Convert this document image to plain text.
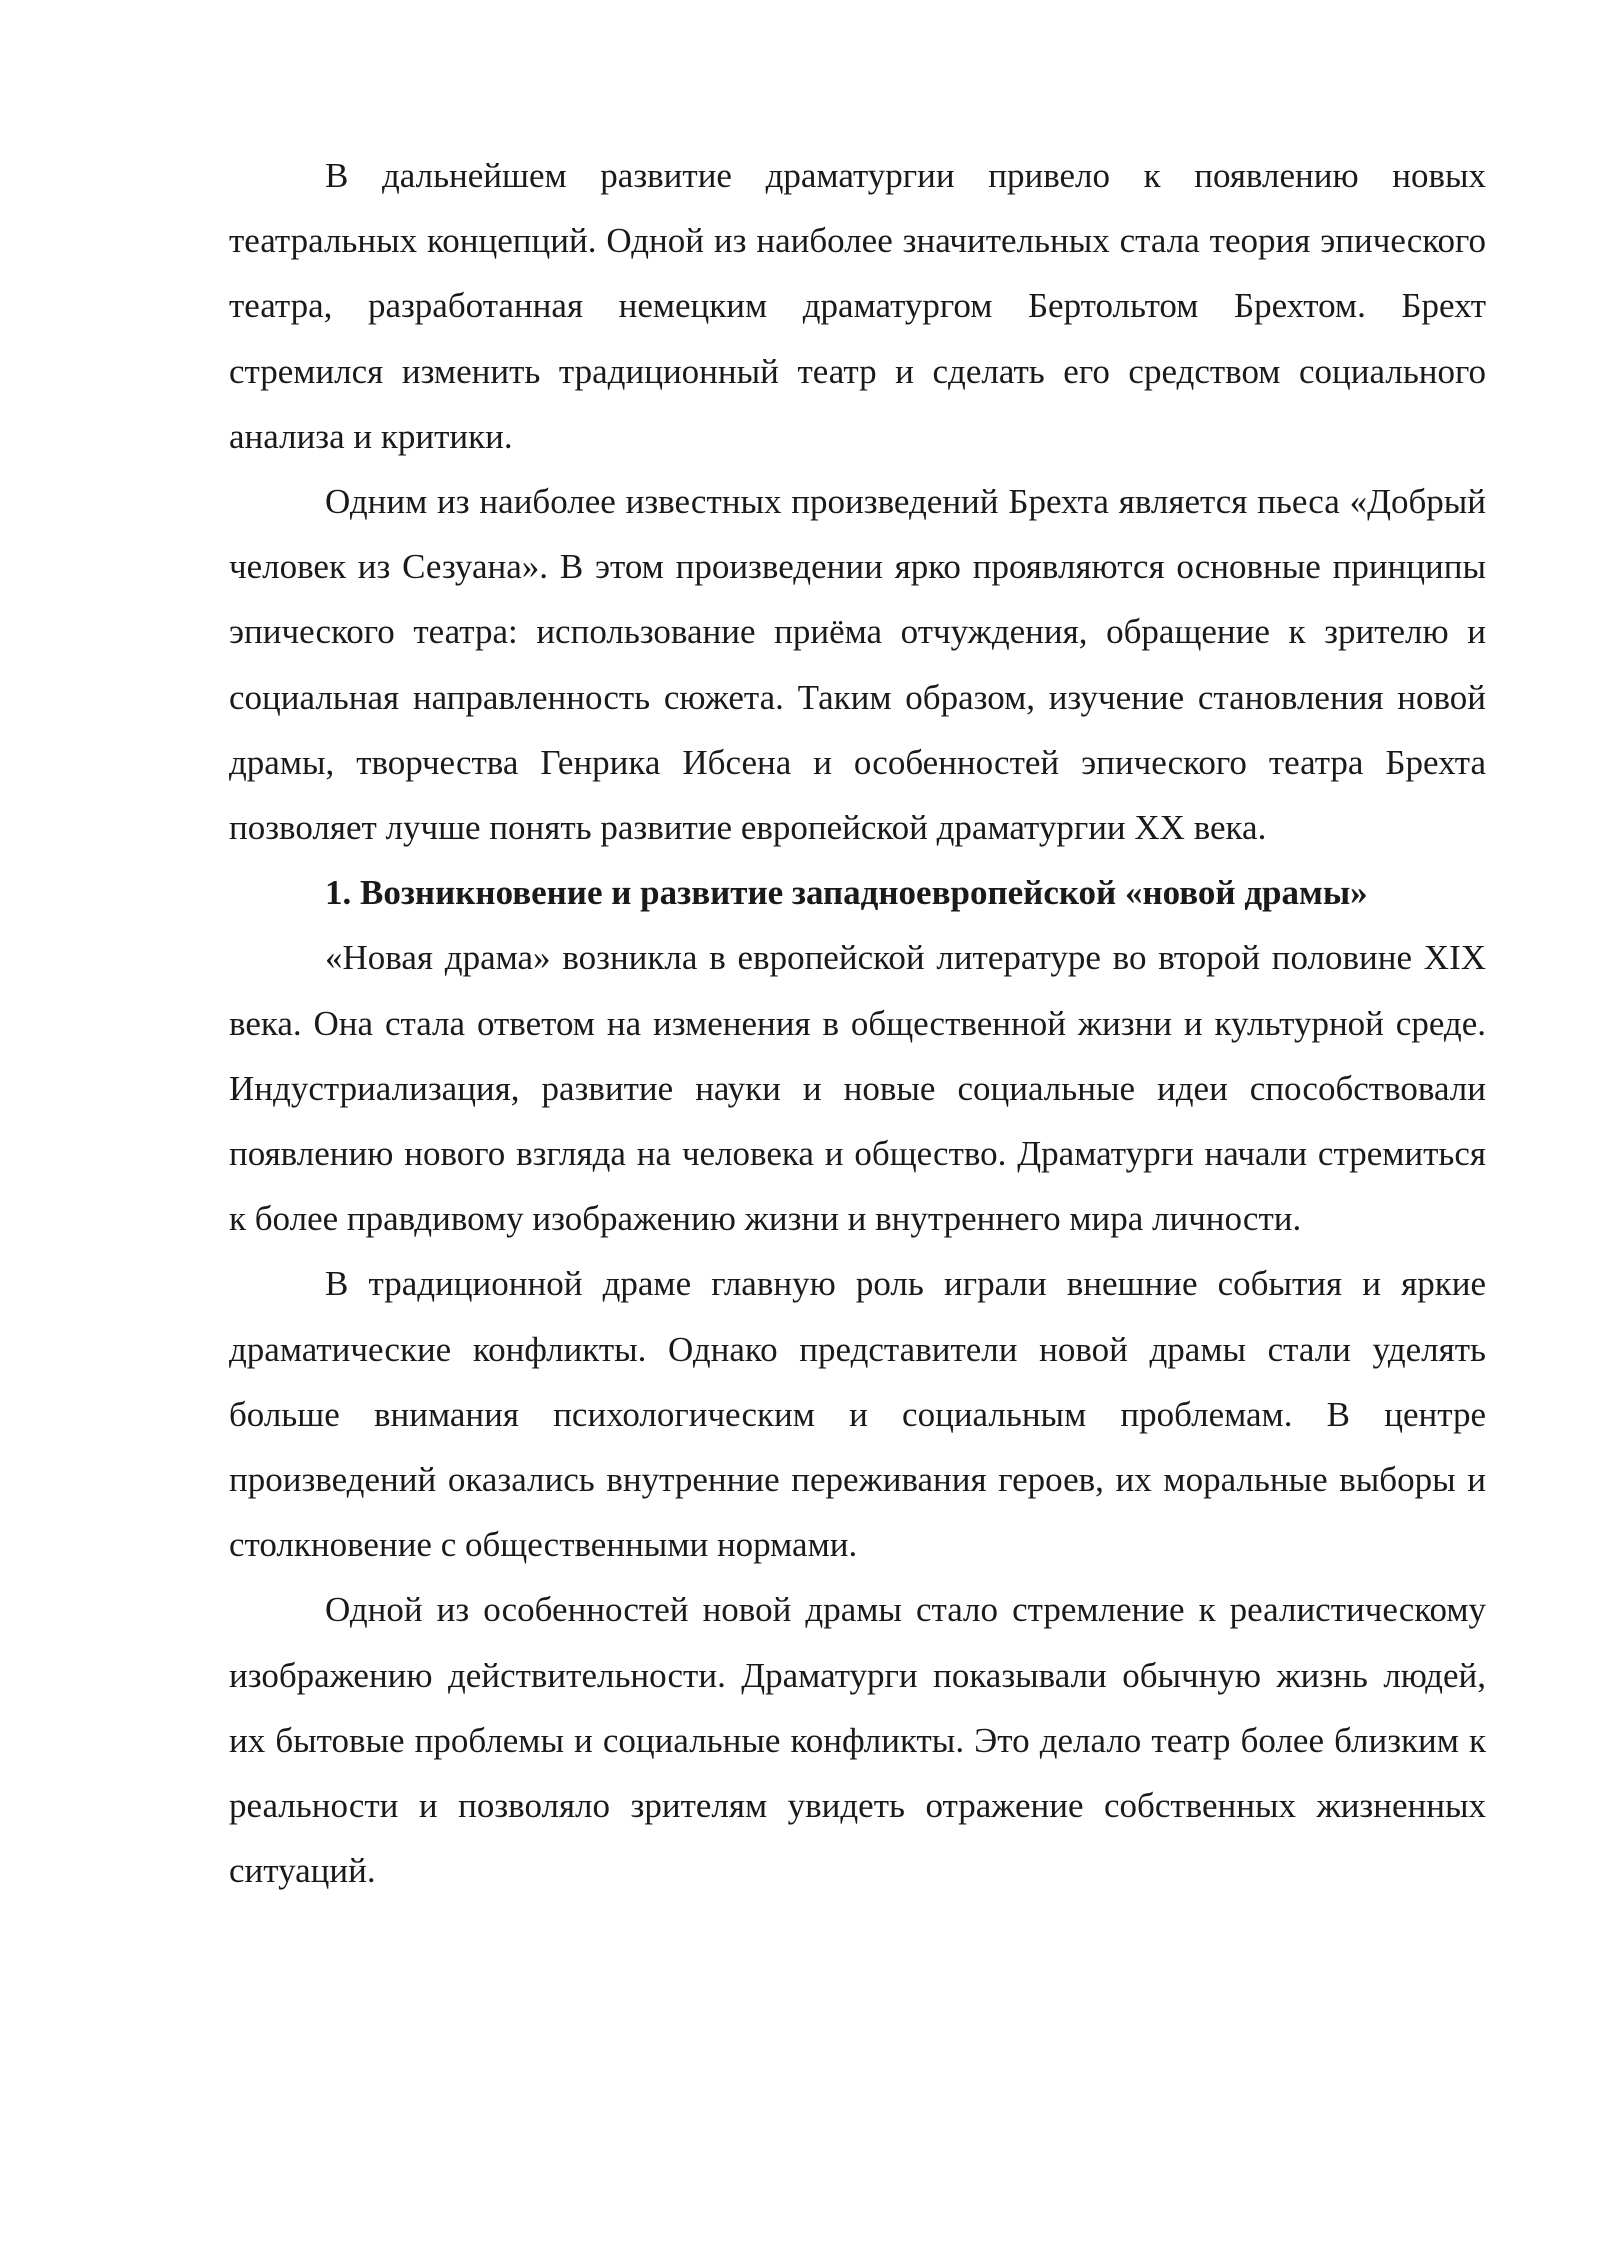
В дальнейшем развитие драматургии привело к появлению новых театральных концепций. Одной из наиболее значительных стала теория эпического театра, разработанная немецким драматургом Бертольтом Брехтом. Брехт стремился изменить традиционный театр и сделать его средством социального анализа и критики.

Одним из наиболее известных произведений Брехта является пьеса «Добрый человек из Сезуана». В этом произведении ярко проявляются основные принципы эпического театра: использование приёма отчуждения, обращение к зрителю и социальная направленность сюжета. Таким образом, изучение становления новой драмы, творчества Генрика Ибсена и особенностей эпического театра Брехта позволяет лучше понять развитие европейской драматургии XX века.

1. Возникновение и развитие западноевропейской «новой драмы»

«Новая драма» возникла в европейской литературе во второй половине XIX века. Она стала ответом на изменения в общественной жизни и культурной среде. Индустриализация, развитие науки и новые социальные идеи способствовали появлению нового взгляда на человека и общество. Драматурги начали стремиться к более правдивому изображению жизни и внутреннего мира личности.

В традиционной драме главную роль играли внешние события и яркие драматические конфликты. Однако представители новой драмы стали уделять больше внимания психологическим и социальным проблемам. В центре произведений оказались внутренние переживания героев, их моральные выборы и столкновение с общественными нормами.

Одной из особенностей новой драмы стало стремление к реалистическому изображению действительности. Драматурги показывали обычную жизнь людей, их бытовые проблемы и социальные конфликты. Это делало театр более близким к реальности и позволяло зрителям увидеть отражение собственных жизненных ситуаций.
